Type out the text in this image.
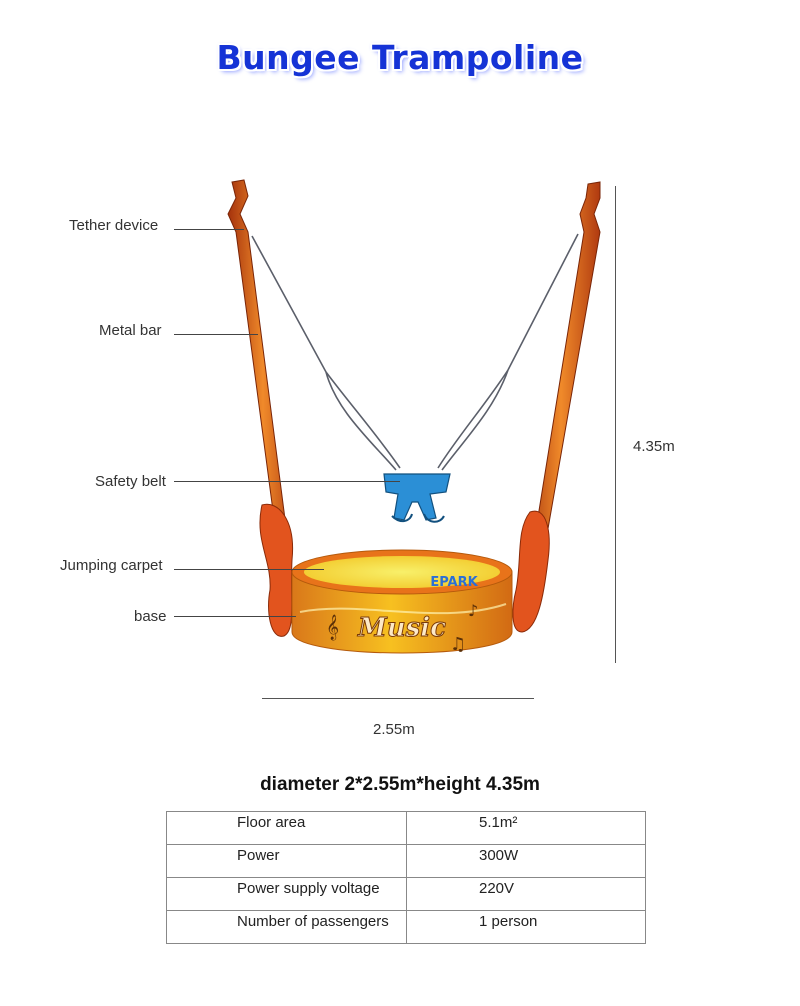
Bungee Trampoline
Music
EPARK
𝄞
♫
♪
Tether device
Metal bar
Safety belt
Jumping carpet
base
4.35m
2.55m
diameter 2*2.55m*height 4.35m
Floor area	5.1m²
Power	300W
Power supply voltage	220V
Number of passengers	1 person
